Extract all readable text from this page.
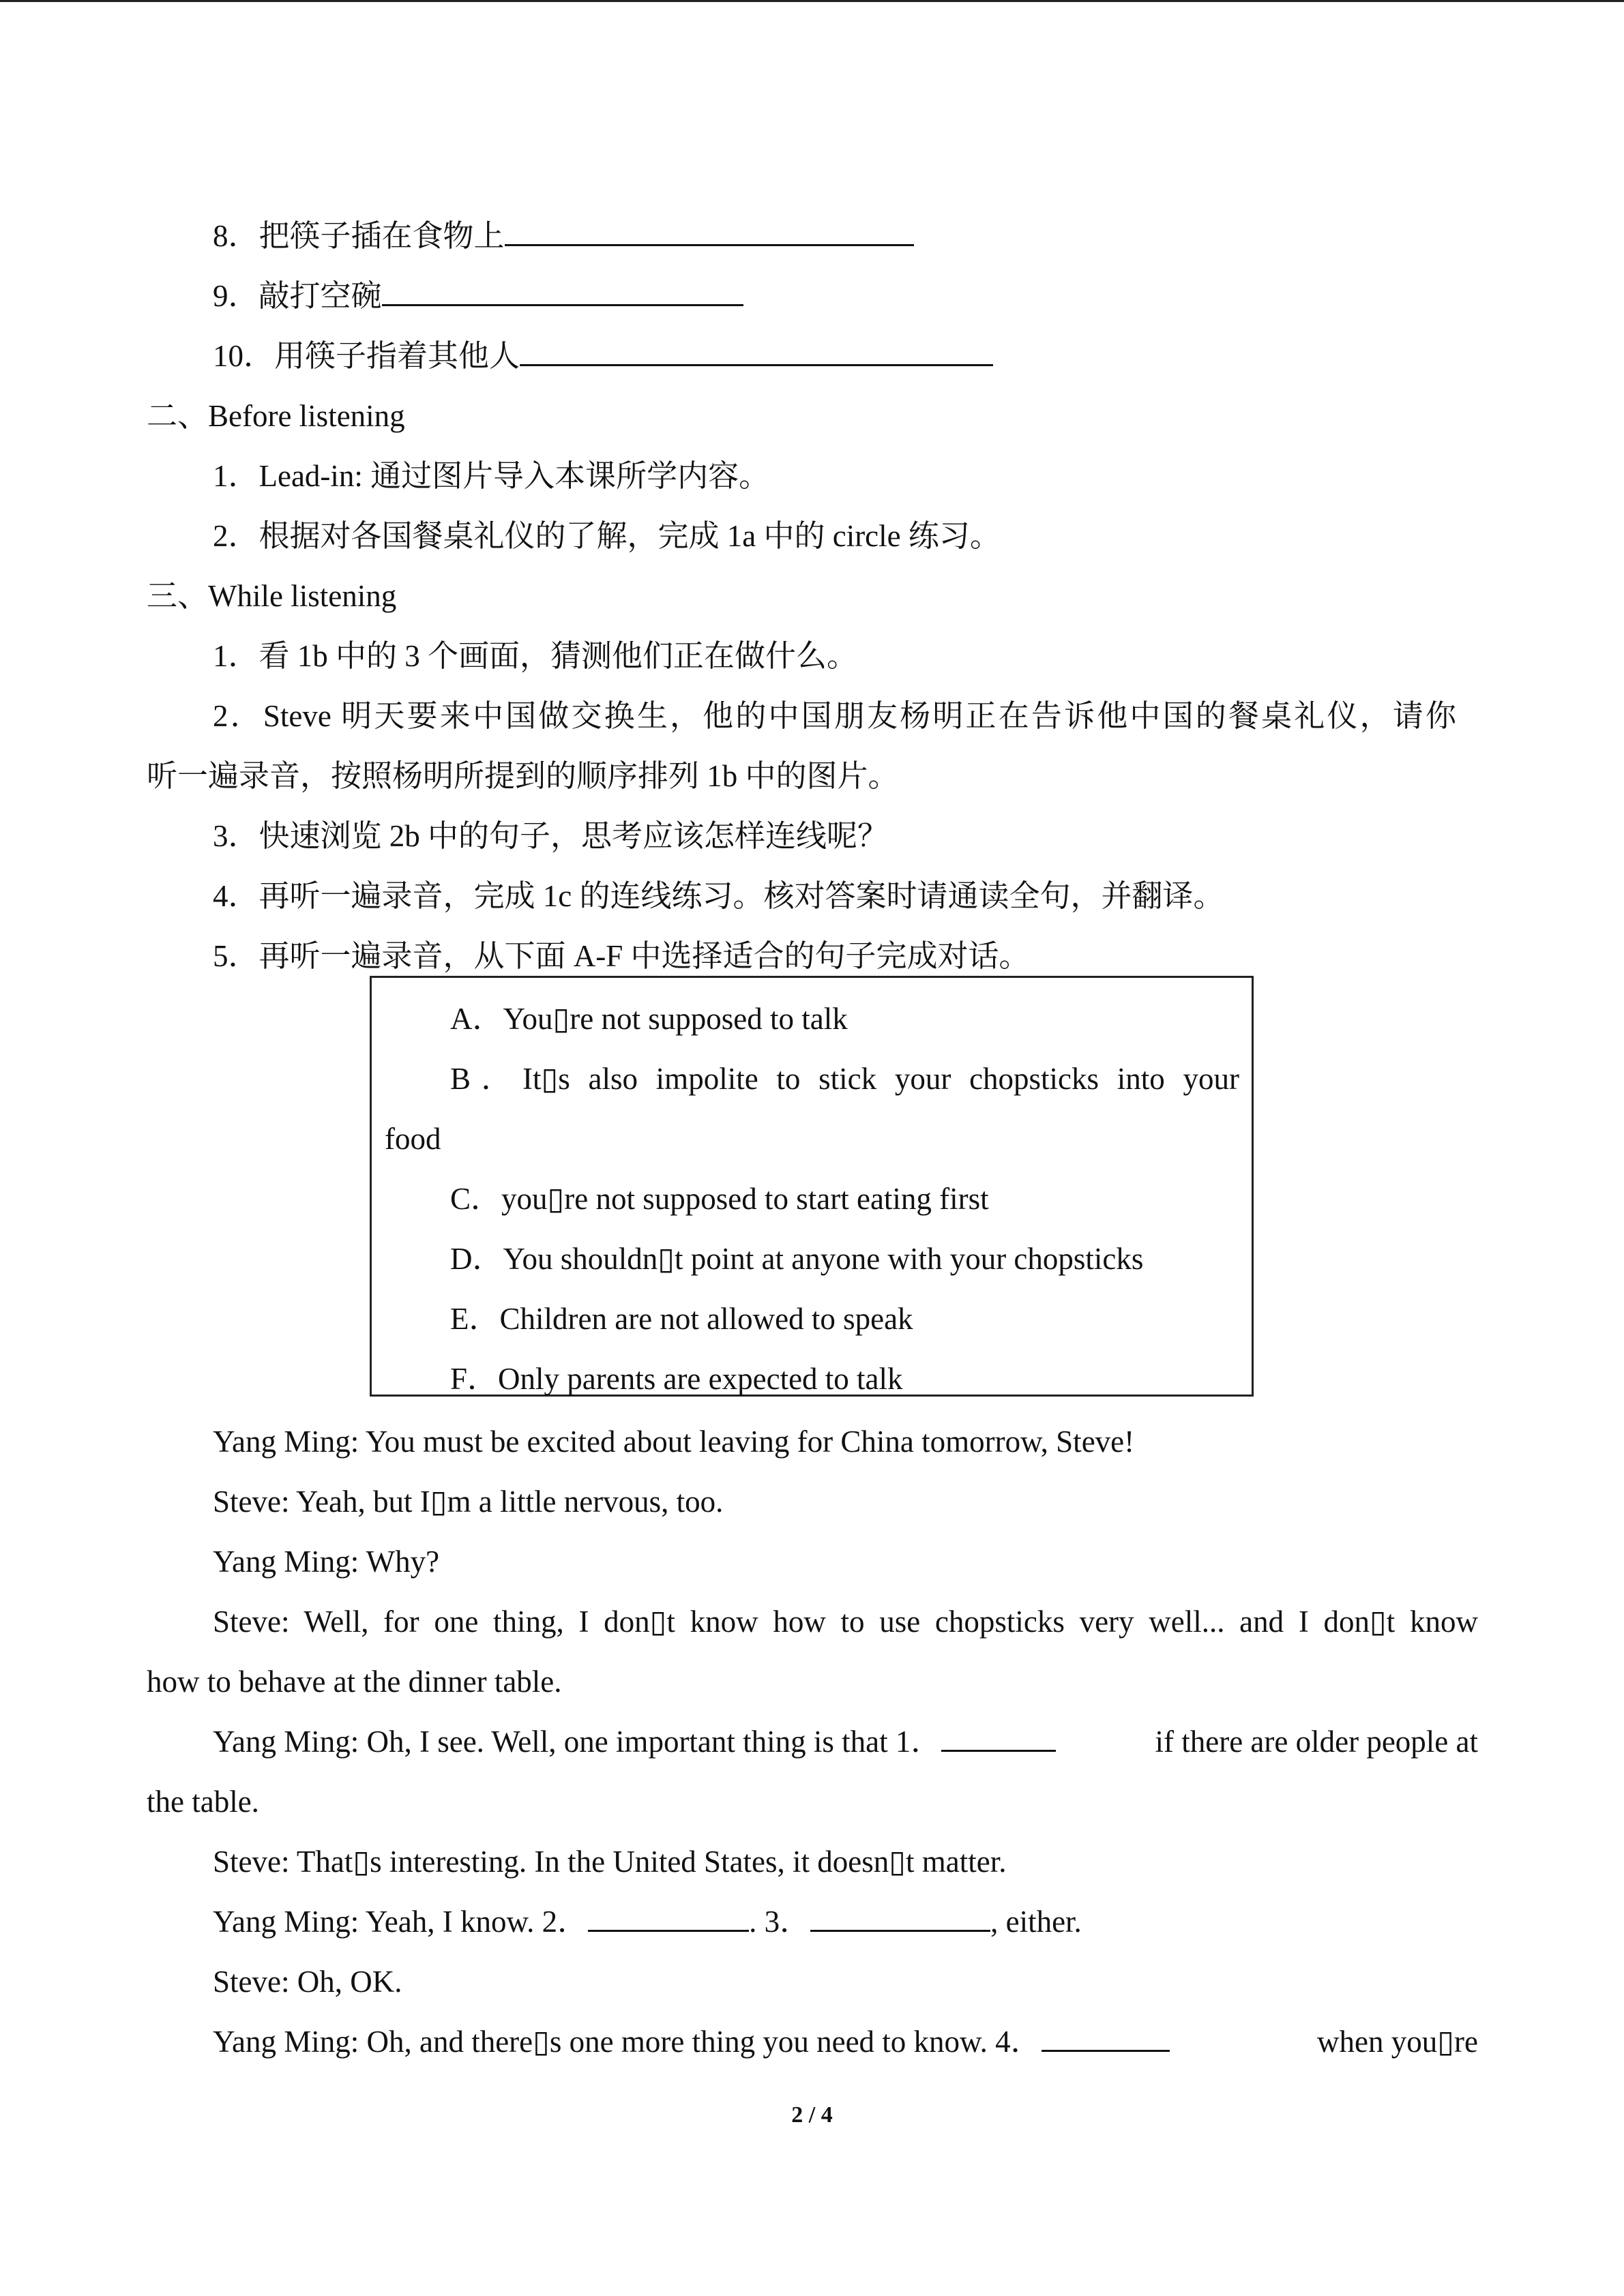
8．把筷子插在食物上
9．敲打空碗
10．用筷子指着其他人
二、Before listening
1．Lead-in: 通过图片导入本课所学内容。
2．根据对各国餐桌礼仪的了解，完成 1a 中的 circle 练习。
三、While listening
1．看 1b 中的 3 个画面，猜测他们正在做什么。
2．Steve 明天要来中国做交换生，他的中国朋友杨明正在告诉他中国的餐桌礼仪，请你
听一遍录音，按照杨明所提到的顺序排列 1b 中的图片。
3．快速浏览 2b 中的句子，思考应该怎样连线呢？
4．再听一遍录音，完成 1c 的连线练习。核对答案时请通读全句，并翻译。
5．再听一遍录音，从下面 A-F 中选择适合的句子完成对话。
A．You▯re not supposed to talk
B．It▯s also impolite to stick your chopsticks into your
food
C．you▯re not supposed to start eating first
D．You shouldn▯t point at anyone with your chopsticks
E．Children are not allowed to speak
F．Only parents are expected to talk
Yang Ming: You must be excited about leaving for China tomorrow, Steve!
Steve: Yeah, but I▯m a little nervous, too.
Yang Ming: Why?
Steve: Well, for one thing, I don▯t know how to use chopsticks very well... and I don▯t know
how to behave at the dinner table.
Yang Ming: Oh, I see. Well, one important thing is that 1．	if there are older people at
the table.
Steve: That▯s interesting. In the United States, it doesn▯t matter.
Yang Ming: Yeah, I know. 2．	. 3．	, either.
Steve: Oh, OK.
Yang Ming: Oh, and there▯s one more thing you need to know. 4．	when you▯re
2 / 4
